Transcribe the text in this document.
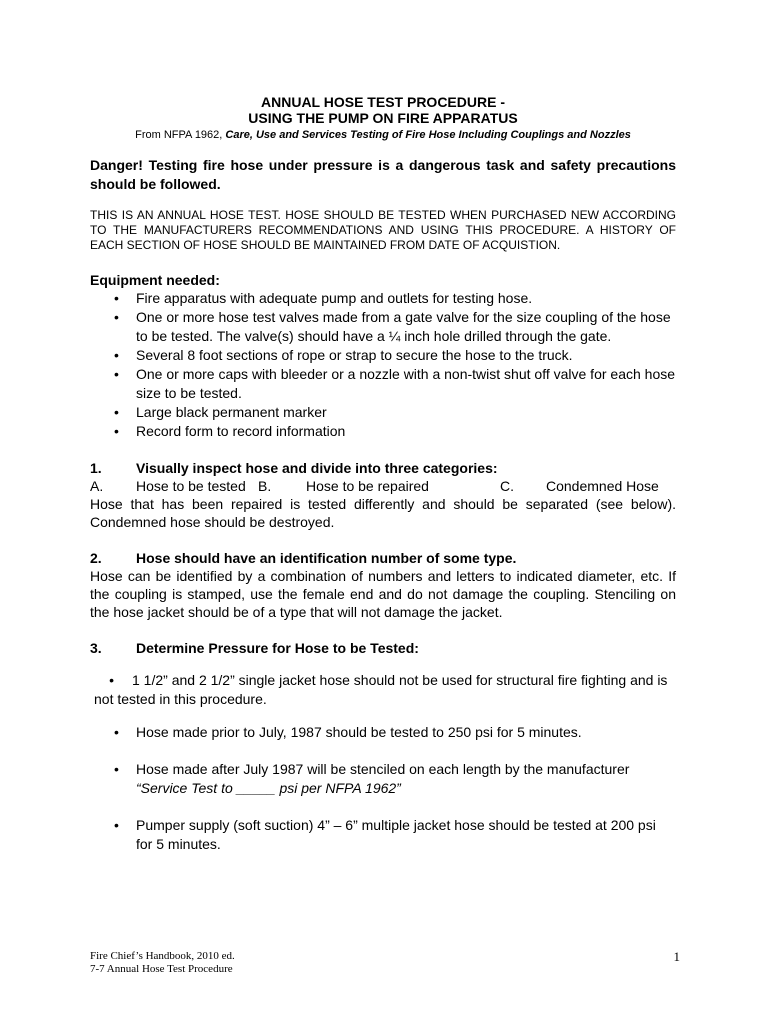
ANNUAL HOSE TEST PROCEDURE -
USING THE PUMP ON FIRE APPARATUS
From NFPA 1962, Care, Use and Services Testing of Fire Hose Including Couplings and Nozzles
Danger! Testing fire hose under pressure is a dangerous task and safety precautions should be followed.
THIS IS AN ANNUAL HOSE TEST. HOSE SHOULD BE TESTED WHEN PURCHASED NEW ACCORDING TO THE MANUFACTURERS RECOMMENDATIONS AND USING THIS PROCEDURE. A HISTORY OF EACH SECTION OF HOSE SHOULD BE MAINTAINED FROM DATE OF ACQUISTION.
Equipment needed:
• Fire apparatus with adequate pump and outlets for testing hose.
• One or more hose test valves made from a gate valve for the size coupling of the hose to be tested. The valve(s) should have a ¼ inch hole drilled through the gate.
• Several 8 foot sections of rope or strap to secure the hose to the truck.
• One or more caps with bleeder or a nozzle with a non-twist shut off valve for each hose size to be tested.
• Large black permanent marker
• Record form to record information
1. Visually inspect hose and divide into three categories:
A.	Hose to be tested B.	Hose to be repaired	C.	Condemned Hose
Hose that has been repaired is tested differently and should be separated (see below). Condemned hose should be destroyed.
2. Hose should have an identification number of some type.
Hose can be identified by a combination of numbers and letters to indicated diameter, etc. If the coupling is stamped, use the female end and do not damage the coupling. Stenciling on the hose jacket should be of a type that will not damage the jacket.
3. Determine Pressure for Hose to be Tested:
• 1 1/2” and 2 1/2” single jacket hose should not be used for structural fire fighting and is not tested in this procedure.
• Hose made prior to July, 1987 should be tested to 250 psi for 5 minutes.
• Hose made after July 1987 will be stenciled on each length by the manufacturer
“Service Test to _____ psi per NFPA 1962”
• Pumper supply (soft suction) 4” – 6” multiple jacket hose should be tested at 200 psi for 5 minutes.
Fire Chief’s Handbook, 2010 ed.
7-7 Annual Hose Test Procedure
1
